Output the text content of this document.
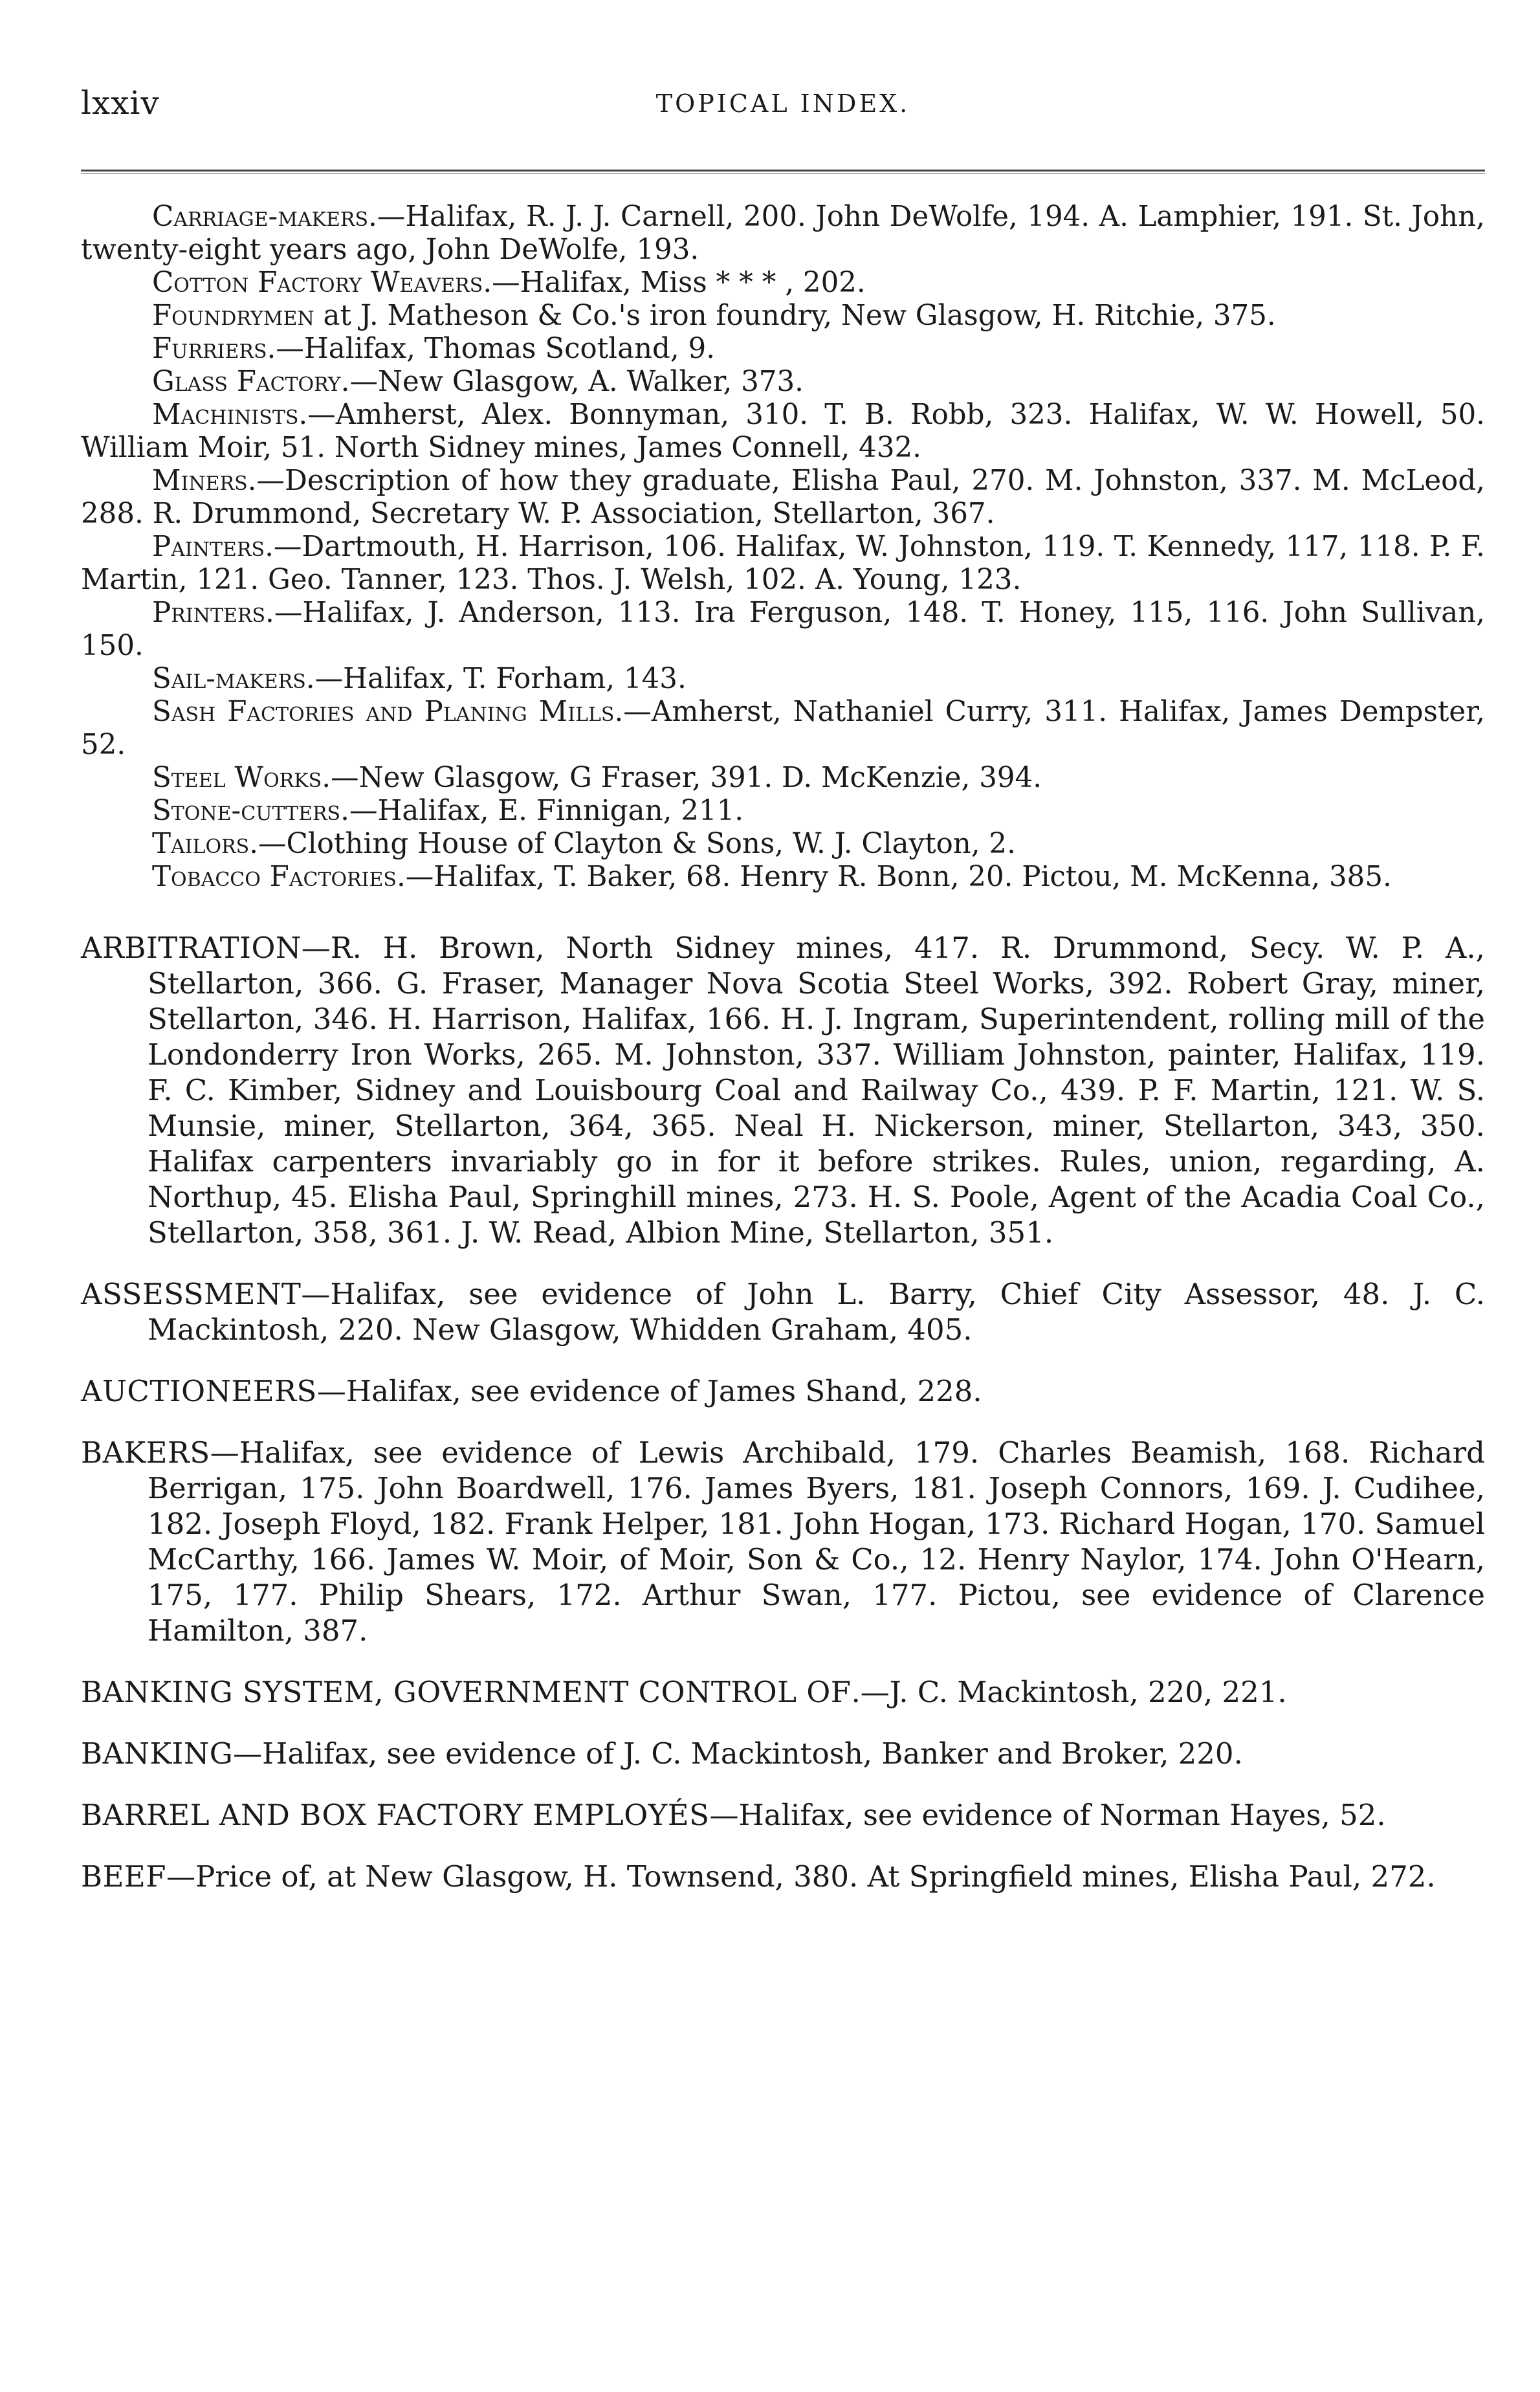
lxxiv	TOPICAL INDEX.

Carriage-makers.—Halifax, R. J. J. Carnell, 200. John DeWolfe, 194. A. Lamphier, 191. St. John, twenty-eight years ago, John DeWolfe, 193.

Cotton Factory Weavers.—Halifax, Miss * * * , 202.

Foundrymen at J. Matheson & Co.'s iron foundry, New Glasgow, H. Ritchie, 375.

Furriers.—Halifax, Thomas Scotland, 9.

Glass Factory.—New Glasgow, A. Walker, 373.

Machinists.—Amherst, Alex. Bonnyman, 310. T. B. Robb, 323. Halifax, W. W. Howell, 50. William Moir, 51. North Sidney mines, James Connell, 432.

Miners.—Description of how they graduate, Elisha Paul, 270. M. Johnston, 337. M. McLeod, 288. R. Drummond, Secretary W. P. Association, Stellarton, 367.

Painters.—Dartmouth, H. Harrison, 106. Halifax, W. Johnston, 119. T. Kennedy, 117, 118. P. F. Martin, 121. Geo. Tanner, 123. Thos. J. Welsh, 102. A. Young, 123.

Printers.—Halifax, J. Anderson, 113. Ira Ferguson, 148. T. Honey, 115, 116. John Sullivan, 150.

Sail-makers.—Halifax, T. Forham, 143.

Sash Factories and Planing Mills.—Amherst, Nathaniel Curry, 311. Halifax, James Dempster, 52.

Steel Works.—New Glasgow, G Fraser, 391. D. McKenzie, 394.

Stone-cutters.—Halifax, E. Finnigan, 211.

Tailors.—Clothing House of Clayton & Sons, W. J. Clayton, 2.

Tobacco Factories.—Halifax, T. Baker, 68. Henry R. Bonn, 20. Pictou, M. McKenna, 385.

ARBITRATION—R. H. Brown, North Sidney mines, 417. R. Drummond, Secy. W. P. A., Stellarton, 366. G. Fraser, Manager Nova Scotia Steel Works, 392. Robert Gray, miner, Stellarton, 346. H. Harrison, Halifax, 166. H. J. Ingram, Superintendent, rolling mill of the Londonderry Iron Works, 265. M. Johnston, 337. William Johnston, painter, Halifax, 119. F. C. Kimber, Sidney and Louisbourg Coal and Railway Co., 439. P. F. Martin, 121. W. S. Munsie, miner, Stellarton, 364, 365. Neal H. Nickerson, miner, Stellarton, 343, 350. Halifax carpenters invariably go in for it before strikes. Rules, union, regarding, A. Northup, 45. Elisha Paul, Springhill mines, 273. H. S. Poole, Agent of the Acadia Coal Co., Stellarton, 358, 361. J. W. Read, Albion Mine, Stellarton, 351.

ASSESSMENT—Halifax, see evidence of John L. Barry, Chief City Assessor, 48. J. C. Mackintosh, 220. New Glasgow, Whidden Graham, 405.

AUCTIONEERS—Halifax, see evidence of James Shand, 228.

BAKERS—Halifax, see evidence of Lewis Archibald, 179. Charles Beamish, 168. Richard Berrigan, 175. John Boardwell, 176. James Byers, 181. Joseph Connors, 169. J. Cudihee, 182. Joseph Floyd, 182. Frank Helper, 181. John Hogan, 173. Richard Hogan, 170. Samuel McCarthy, 166. James W. Moir, of Moir, Son & Co., 12. Henry Naylor, 174. John O'Hearn, 175, 177. Philip Shears, 172. Arthur Swan, 177. Pictou, see evidence of Clarence Hamilton, 387.

BANKING SYSTEM, GOVERNMENT CONTROL OF.—J. C. Mackintosh, 220, 221.

BANKING—Halifax, see evidence of J. C. Mackintosh, Banker and Broker, 220.

BARREL AND BOX FACTORY EMPLOYÉS—Halifax, see evidence of Norman Hayes, 52.

BEEF—Price of, at New Glasgow, H. Townsend, 380. At Springfield mines, Elisha Paul, 272.
